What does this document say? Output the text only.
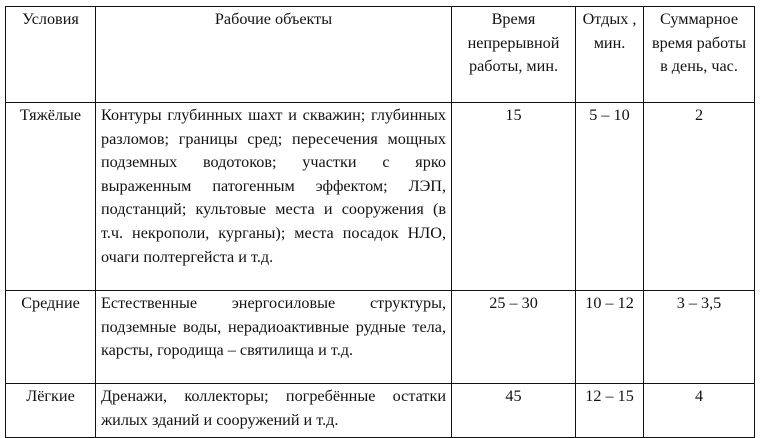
Условия	Рабочие объекты	Время непрерывной работы, мин.	Отдых , мин.	Суммарное время работы в день, час.
Тяжёлые	Контуры глубинных шахт и скважин; глубинных разломов; границы сред; пересечения мощных подземных водотоков; участки с ярко выраженным патогенным эффектом; ЛЭП, подстанций; культовые места и сооружения (в т.ч. некрополи, курганы); места посадок НЛО, очаги полтергейста и т.д.	15	5 – 10	2
Средние	Естественные энергосиловые структуры, подземные воды, нерадиоактивные рудные тела, карсты, городища – святилища и т.д.	25 – 30	10 – 12	3 – 3,5
Лёгкие	Дренажи, коллекторы; погребённые остатки жилых зданий и сооружений и т.д.	45	12 – 15	4
